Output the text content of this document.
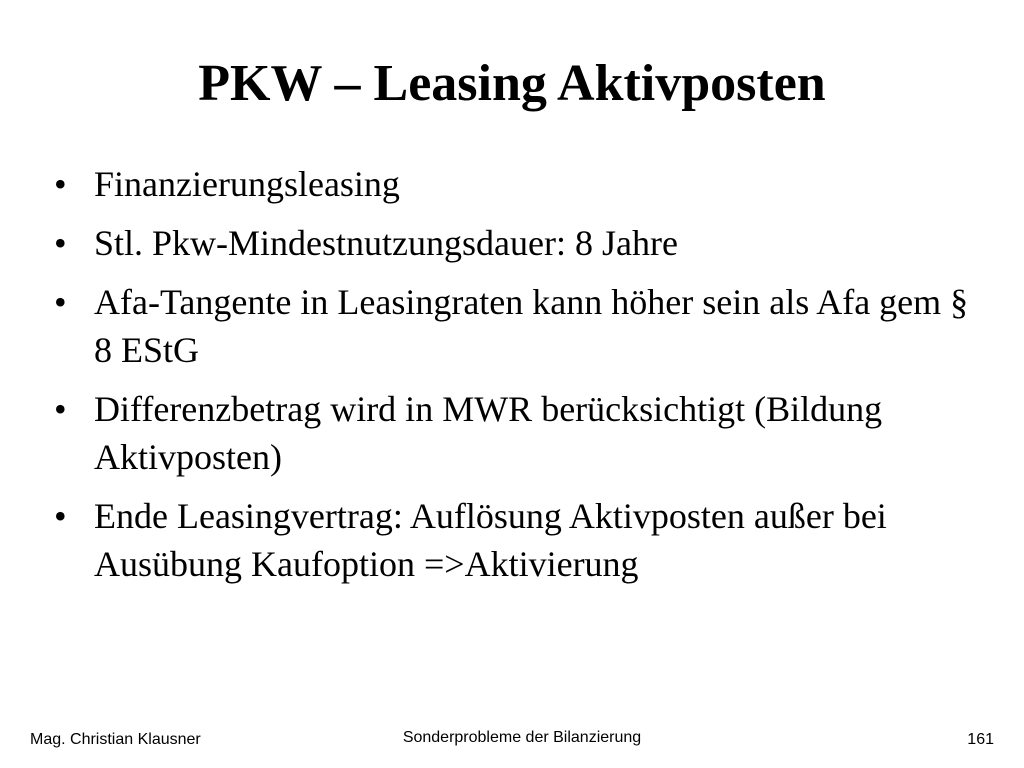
PKW – Leasing Aktivposten
• Finanzierungsleasing
• Stl. Pkw-Mindestnutzungsdauer: 8 Jahre
• Afa-Tangente in Leasingraten kann höher sein als Afa gem § 8 EStG
• Differenzbetrag wird in MWR berücksichtigt (Bildung Aktivposten)
• Ende Leasingvertrag: Auflösung Aktivposten außer bei Ausübung Kaufoption =>Aktivierung
Mag. Christian Klausner	Sonderprobleme der Bilanzierung	161
